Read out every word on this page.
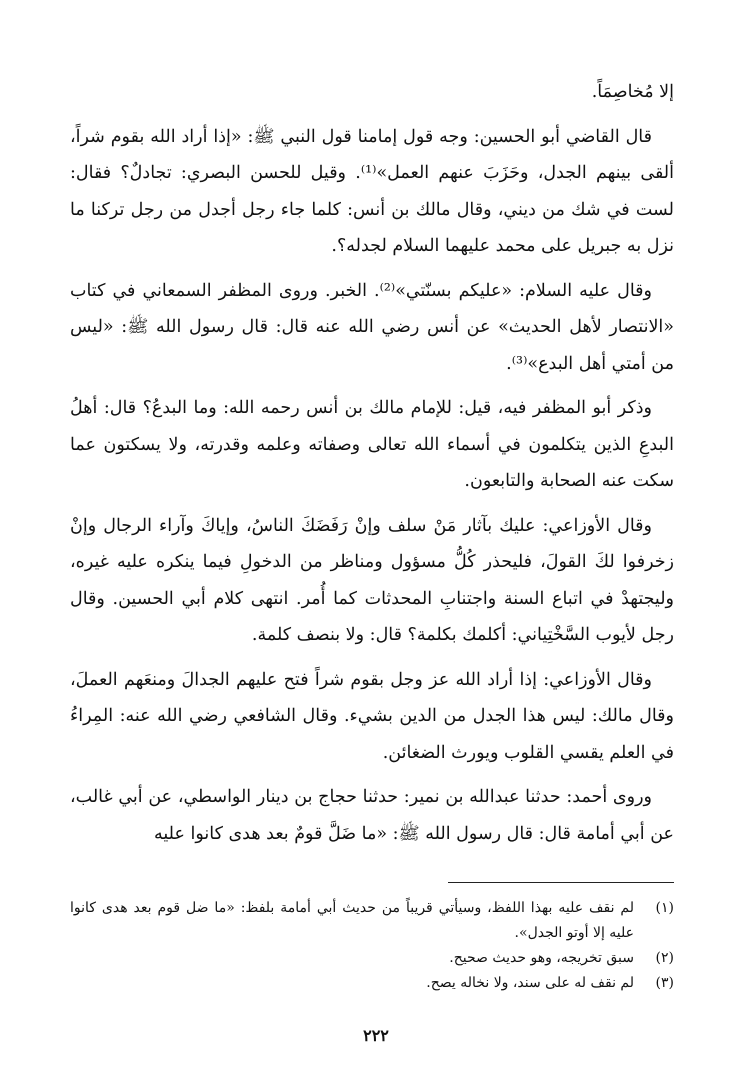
إلا مُخاصِمَاً.

قال القاضي أبو الحسين: وجه قول إمامنا قول النبي ﷺ: «إذا أراد الله بقوم شراً، ألقى بينهم الجدل، وحَزَبَ عنهم العمل»⁽¹⁾. وقيل للحسن البصري: تجادلٌ؟ فقال: لست في شك من ديني، وقال مالك بن أنس: كلما جاء رجل أجدل من رجل تركنا ما نزل به جبريل على محمد عليهما السلام لجدله؟.

وقال عليه السلام: «عليكم بسنّتي»⁽²⁾. الخبر. وروى المظفر السمعاني في كتاب «الانتصار لأهل الحديث» عن أنس رضي الله عنه قال: قال رسول الله ﷺ: «ليس من أمتي أهل البدع»⁽³⁾.

وذكر أبو المظفر فيه، قيل: للإمام مالك بن أنس رحمه الله: وما البدعُ؟ قال: أهلُ البدعِ الذين يتكلمون في أسماء الله تعالى وصفاته وعلمه وقدرته، ولا يسكتون عما سكت عنه الصحابة والتابعون.

وقال الأوزاعي: عليك بآثار مَنْ سلف وإنْ رَفَضَكَ الناسُ، وإياكَ وآراء الرجال وإنْ زخرفوا لكَ القولَ، فليحذر كُلُّ مسؤول ومناظر من الدخولِ فيما ينكره عليه غيره، وليجتهدْ في اتباع السنة واجتنابِ المحدثات كما أُمر. انتهى كلام أبي الحسين. وقال رجل لأيوب السَّخْتِياني: أكلمك بكلمة؟ قال: ولا بنصف كلمة.

وقال الأوزاعي: إذا أراد الله عز وجل بقوم شراً فتح عليهم الجدالَ ومنعَهم العملَ، وقال مالك: ليس هذا الجدل من الدين بشيء. وقال الشافعي رضي الله عنه: المِراءُ في العلم يقسي القلوب ويورث الضغائن.

وروى أحمد: حدثنا عبدالله بن نمير: حدثنا حجاج بن دينار الواسطي، عن أبي غالب، عن أبي أمامة قال: قال رسول الله ﷺ: «ما ضَلَّ قومٌ بعد هدى كانوا عليه

(١)
لم نقف عليه بهذا اللفظ، وسيأتي قريباً من حديث أبي أمامة بلفظ: «ما ضل قوم بعد هدى كانوا عليه إلا أوتو الجدل».
(٢)
سبق تخريجه، وهو حديث صحيح.
(٣)
لم نقف له على سند، ولا نخاله يصح.
٢٢٢
